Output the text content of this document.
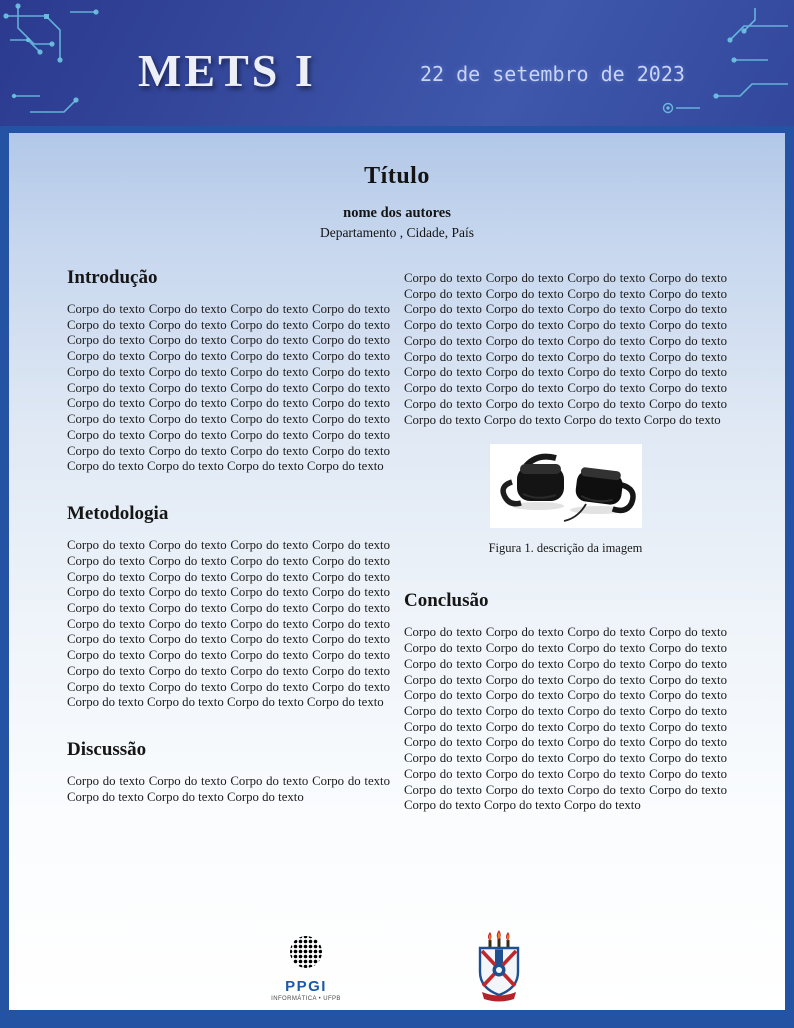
METS I	22 de setembro de 2023
Título
nome dos autores
Departamento , Cidade, País
Introdução

Corpo do texto Corpo do texto Corpo do texto Corpo do texto Corpo do texto Corpo do texto Corpo do texto Corpo do texto Corpo do texto Corpo do texto Corpo do texto Corpo do texto Corpo do texto Corpo do texto Corpo do texto Corpo do texto Corpo do texto Corpo do texto Corpo do texto Corpo do texto Corpo do texto Corpo do texto Corpo do texto Corpo do texto Corpo do texto Corpo do texto Corpo do texto Corpo do texto Corpo do texto Corpo do texto Corpo do texto Corpo do texto Corpo do texto Corpo do texto Corpo do texto Corpo do texto Corpo do texto Corpo do texto Corpo do texto Corpo do texto Corpo do texto Corpo do texto Corpo do texto Corpo do texto

Metodologia

Corpo do texto Corpo do texto Corpo do texto Corpo do texto Corpo do texto Corpo do texto Corpo do texto Corpo do texto Corpo do texto Corpo do texto Corpo do texto Corpo do texto Corpo do texto Corpo do texto Corpo do texto Corpo do texto Corpo do texto Corpo do texto Corpo do texto Corpo do texto Corpo do texto Corpo do texto Corpo do texto Corpo do texto Corpo do texto Corpo do texto Corpo do texto Corpo do texto Corpo do texto Corpo do texto Corpo do texto Corpo do texto Corpo do texto Corpo do texto Corpo do texto Corpo do texto Corpo do texto Corpo do texto Corpo do texto Corpo do texto Corpo do texto Corpo do texto Corpo do texto Corpo do texto

Discussão

Corpo do texto Corpo do texto Corpo do texto Corpo do texto Corpo do texto Corpo do texto Corpo do texto

Corpo do texto Corpo do texto Corpo do texto Corpo do texto Corpo do texto Corpo do texto Corpo do texto Corpo do texto Corpo do texto Corpo do texto Corpo do texto Corpo do texto Corpo do texto Corpo do texto Corpo do texto Corpo do texto Corpo do texto Corpo do texto Corpo do texto Corpo do texto Corpo do texto Corpo do texto Corpo do texto Corpo do texto Corpo do texto Corpo do texto Corpo do texto Corpo do texto Corpo do texto Corpo do texto Corpo do texto Corpo do texto Corpo do texto Corpo do texto Corpo do texto Corpo do texto Corpo do texto Corpo do texto Corpo do texto Corpo do texto

Figura 1. descrição da imagem
Conclusão

Corpo do texto Corpo do texto Corpo do texto Corpo do texto Corpo do texto Corpo do texto Corpo do texto Corpo do texto Corpo do texto Corpo do texto Corpo do texto Corpo do texto Corpo do texto Corpo do texto Corpo do texto Corpo do texto Corpo do texto Corpo do texto Corpo do texto Corpo do texto Corpo do texto Corpo do texto Corpo do texto Corpo do texto Corpo do texto Corpo do texto Corpo do texto Corpo do texto Corpo do texto Corpo do texto Corpo do texto Corpo do texto Corpo do texto Corpo do texto Corpo do texto Corpo do texto Corpo do texto Corpo do texto Corpo do texto Corpo do texto Corpo do texto Corpo do texto Corpo do texto Corpo do texto Corpo do texto Corpo do texto Corpo do texto

PPGI
INFORMÁTICA • UFPB
